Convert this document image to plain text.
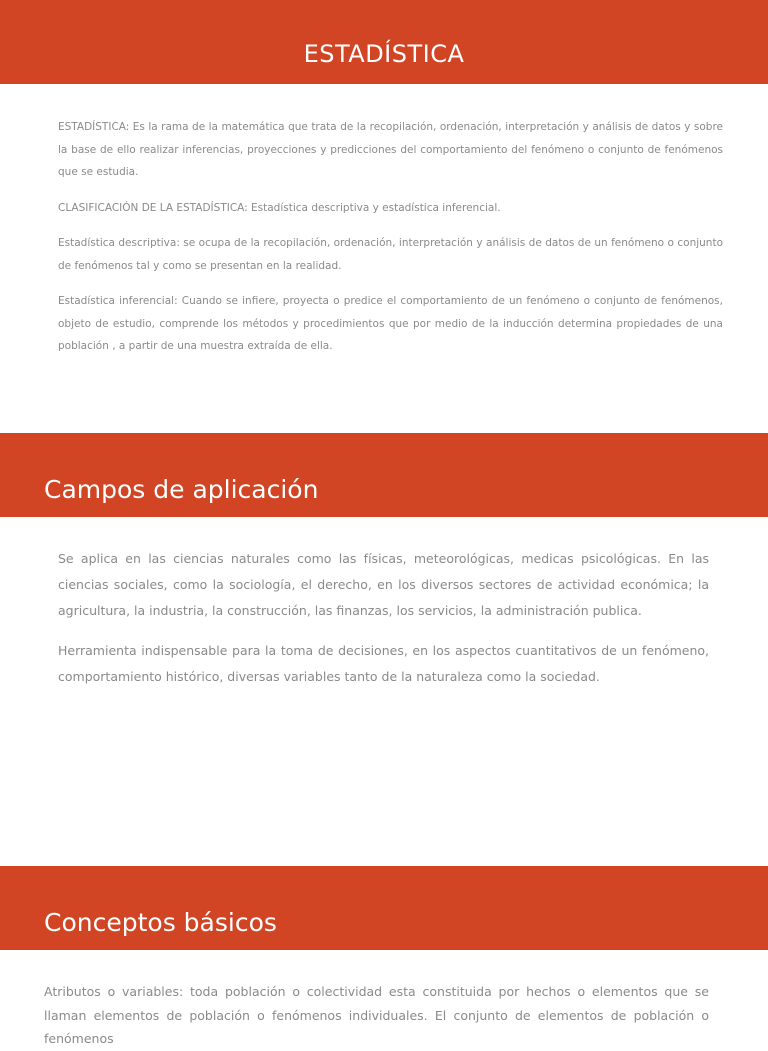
ESTADÍSTICA

ESTADÍSTICA: Es la rama de la matemática que trata de la recopilación, ordenación, interpretación y análisis de datos y sobre la base de ello realizar inferencias, proyecciones y predicciones del comportamiento del fenómeno o conjunto de fenómenos que se estudia.

CLASIFICACIÓN DE LA ESTADÍSTICA: Estadística descriptiva y estadística inferencial.

Estadística descriptiva: se ocupa de la recopilación, ordenación, interpretación y análisis de datos de un fenómeno o conjunto de fenómenos tal y como se presentan en la realidad.

Estadística inferencial: Cuando se infiere, proyecta o predice el comportamiento de un fenómeno o conjunto de fenómenos, objeto de estudio, comprende los métodos y procedimientos que por medio de la inducción determina propiedades de una población , a partir de una muestra extraída de ella.

Campos de aplicación

Se aplica en las ciencias naturales como las físicas, meteorológicas, medicas psicológicas. En las ciencias sociales, como la sociología, el derecho, en los diversos sectores de actividad económica; la agricultura, la industria, la construcción, las finanzas, los servicios, la administración publica.

Herramienta indispensable para la toma de decisiones, en los aspectos cuantitativos de un fenómeno, comportamiento histórico, diversas variables tanto de la naturaleza como la sociedad.

Conceptos básicos

Atributos o variables: toda población o colectividad esta constituida por hechos o elementos que se llaman elementos de población o fenómenos individuales. El conjunto de elementos de población o fenómenos
